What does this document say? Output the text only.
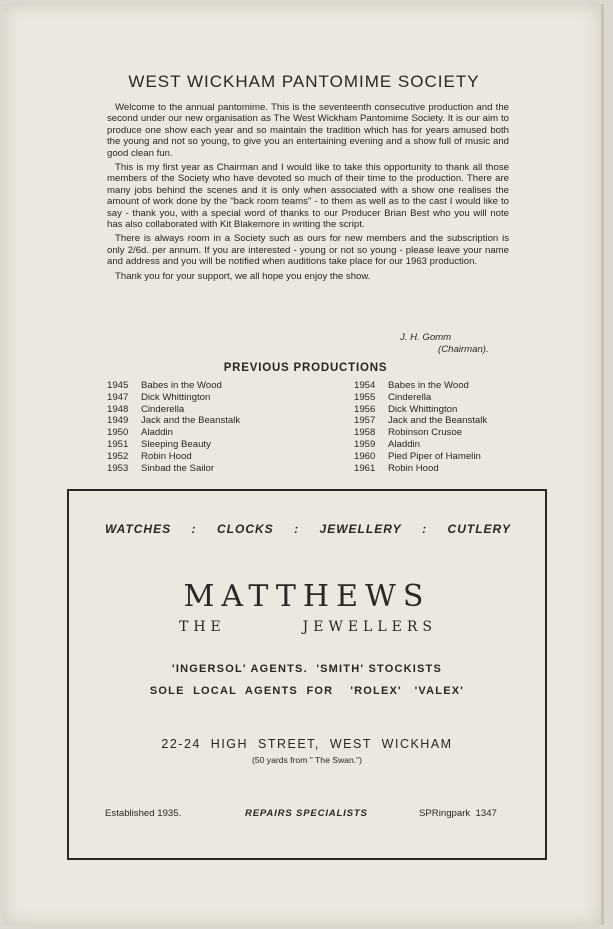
WEST WICKHAM PANTOMIME SOCIETY

Welcome to the annual pantomime. This is the seventeenth consecutive production and the second under our new organisation as The West Wickham Pantomime Society. It is our aim to produce one show each year and so maintain the tradition which has for years amused both the young and not so young, to give you an entertaining evening and a show full of music and good clean fun.

This is my first year as Chairman and I would like to take this opportunity to thank all those members of the Society who have devoted so much of their time to the production. There are many jobs behind the scenes and it is only when associated with a show one realises the amount of work done by the "back room teams" - to them as well as to the cast I would like to say - thank you, with a special word of thanks to our Producer Brian Best who you will note has also collaborated with Kit Blakemore in writing the script.

There is always room in a Society such as ours for new members and the subscription is only 2/6d. per annum. If you are interested - young or not so young - please leave your name and address and you will be notified when auditions take place for our 1963 production.

Thank you for your support, we all hope you enjoy the show.

J. H. Gomm
(Chairman).
PREVIOUS PRODUCTIONS
1945	Babes in the Wood
1947	Dick Whittington
1948	Cinderella
1949	Jack and the Beanstalk
1950	Aladdin
1951	Sleeping Beauty
1952	Robin Hood
1953	Sinbad the Sailor
1954	Babes in the Wood
1955	Cinderella
1956	Dick Whittington
1957	Jack and the Beanstalk
1958	Robinson Crusoe
1959	Aladdin
1960	Pied Piper of Hamelin
1961	Robin Hood
WATCHES : CLOCKS : JEWELLERY : CUTLERY
MATTHEWS
THE	JEWELLERS
'INGERSOL' AGENTS.  'SMITH' STOCKISTS
SOLE  LOCAL  AGENTS  FOR    'ROLEX'   'VALEX'
22-24  HIGH  STREET,  WEST  WICKHAM
(50 yards from " The Swan.")
Established 1935.	REPAIRS SPECIALISTS	SPRingpark  1347
